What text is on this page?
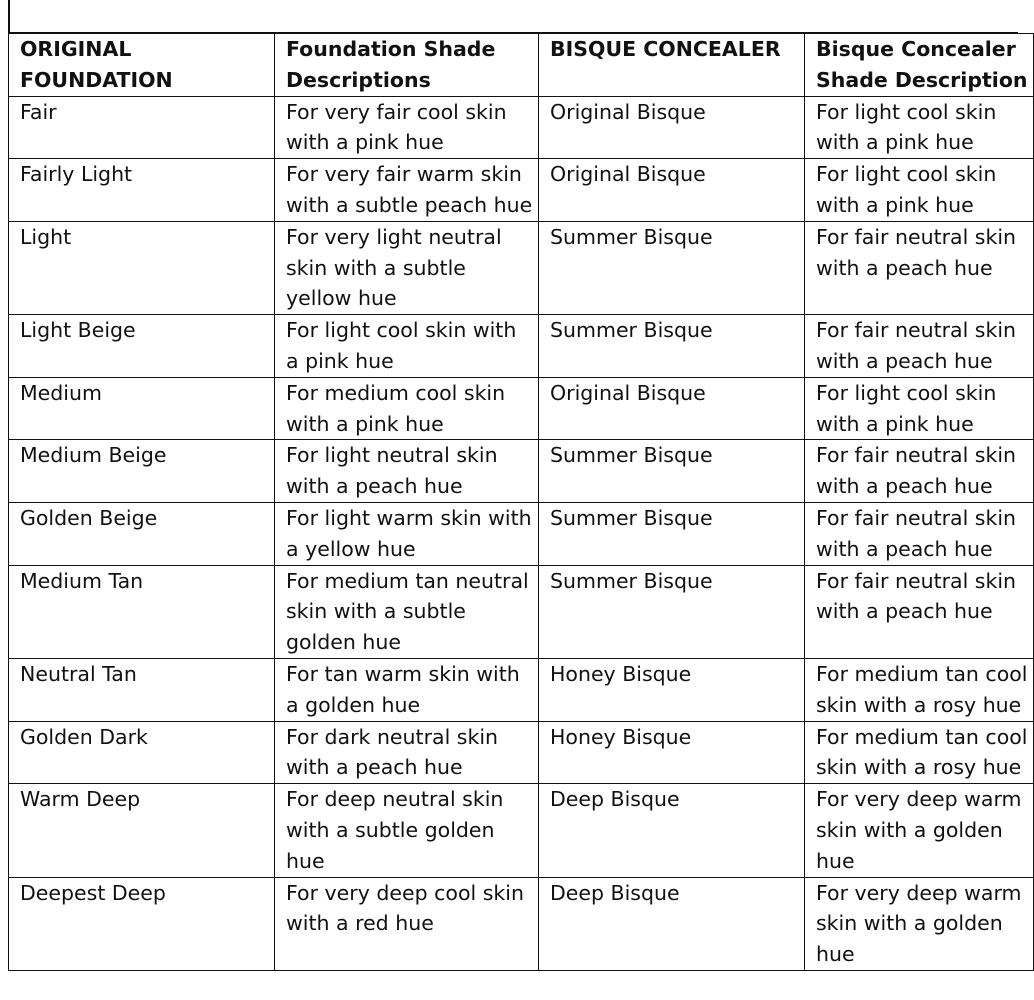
ORIGINAL FOUNDATION	Foundation Shade Descriptions	BISQUE CONCEALER	Bisque Concealer Shade Description

Fair	For very fair cool skin with a pink hue	Original Bisque	For light cool skin with a pink hue

Fairly Light	For very fair warm skin with a subtle peach hue	Original Bisque	For light cool skin with a pink hue

Light	For very light neutral skin with a subtle yellow hue	Summer Bisque	For fair neutral skin with a peach hue

Light Beige	For light cool skin with a pink hue	Summer Bisque	For fair neutral skin with a peach hue

Medium	For medium cool skin with a pink hue	Original Bisque	For light cool skin with a pink hue

Medium Beige	For light neutral skin with a peach hue	Summer Bisque	For fair neutral skin with a peach hue

Golden Beige	For light warm skin with a yellow hue	Summer Bisque	For fair neutral skin with a peach hue

Medium Tan	For medium tan neutral skin with a subtle golden hue	Summer Bisque	For fair neutral skin with a peach hue

Neutral Tan	For tan warm skin with a golden hue	Honey Bisque	For medium tan cool skin with a rosy hue

Golden Dark	For dark neutral skin with a peach hue	Honey Bisque	For medium tan cool skin with a rosy hue

Warm Deep	For deep neutral skin with a subtle golden hue	Deep Bisque	For very deep warm skin with a golden hue

Deepest Deep	For very deep cool skin with a red hue	Deep Bisque	For very deep warm skin with a golden hue
